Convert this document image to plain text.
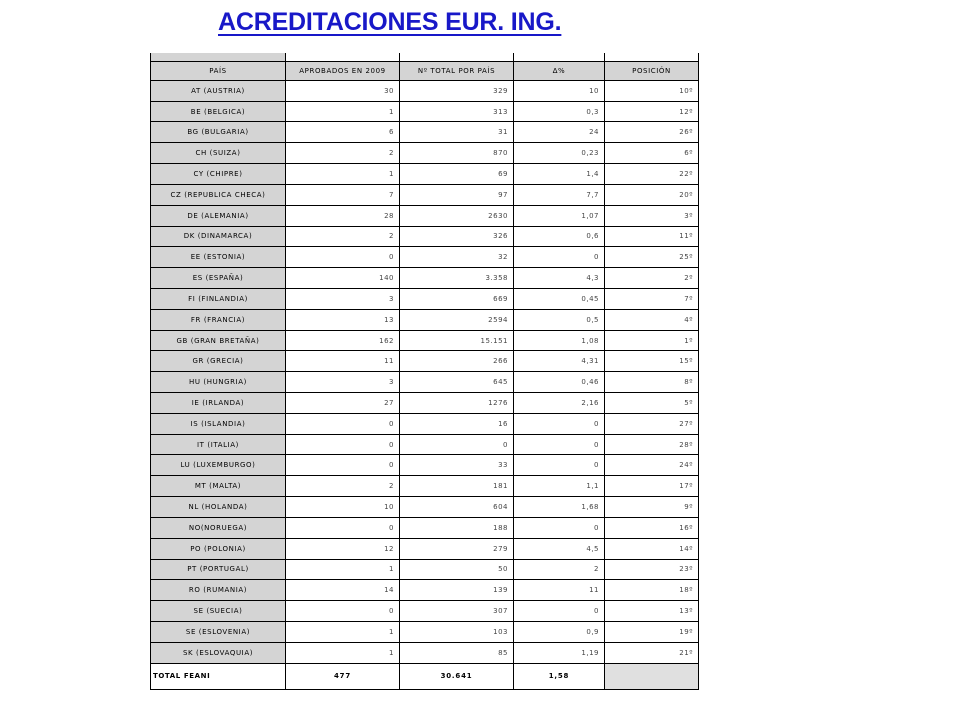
ACREDITACIONES EUR. ING.

PAÍS	APROBADOS EN 2009	Nº TOTAL POR PAÍS	∆%	POSICIÓN
AT (AUSTRIA)	30	329	10	10º
BE (BELGICA)	1	313	0,3	12º
BG (BULGARIA)	6	31	24	26º
CH (SUIZA)	2	870	0,23	6º
CY (CHIPRE)	1	69	1,4	22º
CZ (REPUBLICA CHECA)	7	97	7,7	20º
DE (ALEMANIA)	28	2630	1,07	3º
DK (DINAMARCA)	2	326	0,6	11º
EE (ESTONIA)	0	32	0	25º
ES (ESPAÑA)	140	3.358	4,3	2º
FI (FINLANDIA)	3	669	0,45	7º
FR (FRANCIA)	13	2594	0,5	4º
GB (GRAN BRETAÑA)	162	15.151	1,08	1º
GR (GRECIA)	11	266	4,31	15º
HU (HUNGRIA)	3	645	0,46	8º
IE (IRLANDA)	27	1276	2,16	5º
IS (ISLANDIA)	0	16	0	27º
IT (ITALIA)	0	0	0	28º
LU (LUXEMBURGO)	0	33	0	24º
MT (MALTA)	2	181	1,1	17º
NL (HOLANDA)	10	604	1,68	9º
NO(NORUEGA)	0	188	0	16º
PO (POLONIA)	12	279	4,5	14º
PT (PORTUGAL)	1	50	2	23º
RO (RUMANIA)	14	139	11	18º
SE (SUECIA)	0	307	0	13º
SE (ESLOVENIA)	1	103	0,9	19º
SK (ESLOVAQUIA)	1	85	1,19	21º
TOTAL FEANI	477	30.641	1,58	
